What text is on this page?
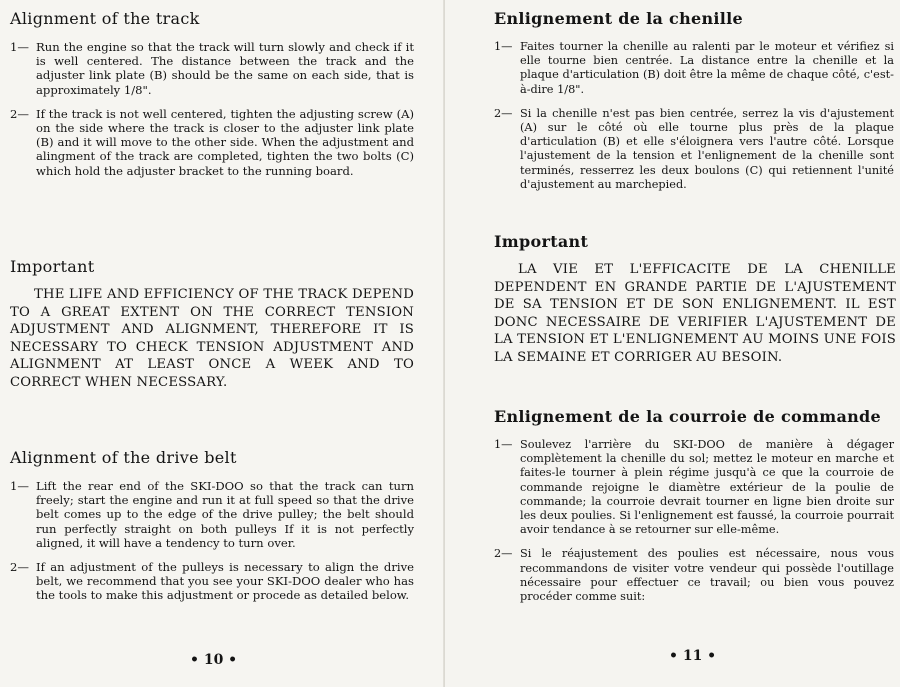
Alignment of the track

1— Run the engine so that the track will turn slowly and check if it is well centered. The distance between the track and the adjuster link plate (B) should be the same on each side, that is approximately 1/8".

2— If the track is not well centered, tighten the adjusting screw (A) on the side where the track is closer to the adjuster link plate (B) and it will move to the other side. When the adjustment and alingment of the track are completed, tighten the two bolts (C) which hold the adjuster bracket to the running board.

Important

THE LIFE AND EFFICIENCY OF THE TRACK DEPEND TO A GREAT EXTENT ON THE CORRECT TENSION ADJUSTMENT AND ALIGNMENT, THEREFORE IT IS NECESSARY TO CHECK TENSION ADJUSTMENT AND ALIGNMENT AT LEAST ONCE A WEEK AND TO CORRECT WHEN NECESSARY.

Alignment of the drive belt

1— Lift the rear end of the SKI-DOO so that the track can turn freely; start the engine and run it at full speed so that the drive belt comes up to the edge of the drive pulley; the belt should run perfectly straight on both pulleys If it is not perfectly aligned, it will have a tendency to turn over.

2— If an adjustment of the pulleys is necessary to align the drive belt, we recommend that you see your SKI-DOO dealer who has the tools to make this adjustment or procede as detailed below.

• 10 •
Enlignement de la chenille

1— Faites tourner la chenille au ralenti par le moteur et vérifiez si elle tourne bien centrée. La distance entre la chenille et la plaque d'articulation (B) doit être la même de chaque côté, c'est-à-dire 1/8".

2— Si la chenille n'est pas bien centrée, serrez la vis d'ajustement (A) sur le côté où elle tourne plus près de la plaque d'articulation (B) et elle s'éloignera vers l'autre côté. Lorsque l'ajustement de la tension et l'enlignement de la chenille sont terminés, resserrez les deux boulons (C) qui retiennent l'unité d'ajustement au marchepied.

Important

LA VIE ET L'EFFICACITE DE LA CHENILLE DEPENDENT EN GRANDE PARTIE DE L'AJUSTEMENT DE SA TENSION ET DE SON ENLIGNEMENT. IL EST DONC NECESSAIRE DE VERIFIER L'AJUSTEMENT DE LA TENSION ET L'ENLIGNEMENT AU MOINS UNE FOIS LA SEMAINE ET CORRIGER AU BESOIN.

Enlignement de la courroie de commande

1— Soulevez l'arrière du SKI-DOO de manière à dégager complètement la chenille du sol; mettez le moteur en marche et faites-le tourner à plein régime jusqu'à ce que la courroie de commande rejoigne le diamètre extérieur de la poulie de commande; la courroie devrait tourner en ligne bien droite sur les deux poulies. Si l'enlignement est faussé, la courroie pourrait avoir tendance à se retourner sur elle-même.

2— Si le réajustement des poulies est nécessaire, nous vous recommandons de visiter votre vendeur qui possède l'outillage nécessaire pour effectuer ce travail; ou bien vous pouvez procéder comme suit:

• 11 •
